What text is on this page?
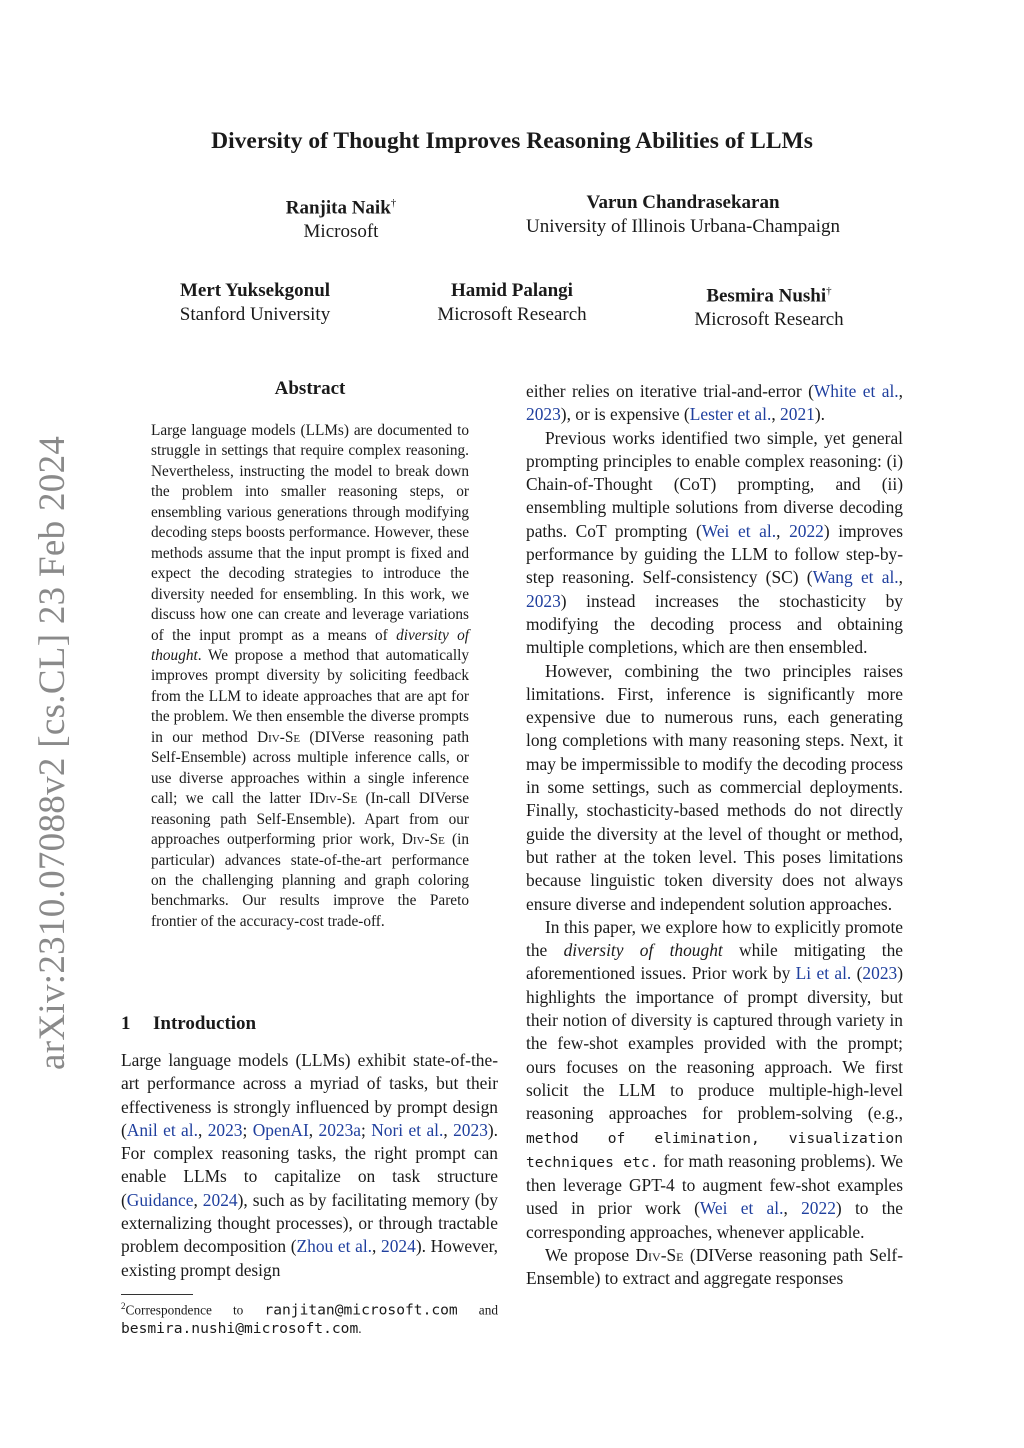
Diversity of Thought Improves Reasoning Abilities of LLMs
Ranjita Naik†
Microsoft
Varun Chandrasekaran
University of Illinois Urbana-Champaign
Mert Yuksekgonul
Stanford University
Hamid Palangi
Microsoft Research
Besmira Nushi†
Microsoft Research
arXiv:2310.07088v2 [cs.CL] 23 Feb 2024
Abstract
Large language models (LLMs) are documented to struggle in settings that require complex reasoning. Nevertheless, instructing the model to break down the problem into smaller reasoning steps, or ensembling various generations through modifying decoding steps boosts performance. However, these methods assume that the input prompt is fixed and expect the decoding strategies to introduce the diversity needed for ensembling. In this work, we discuss how one can create and leverage variations of the input prompt as a means of diversity of thought. We propose a method that automatically improves prompt diversity by soliciting feedback from the LLM to ideate approaches that are apt for the problem. We then ensemble the diverse prompts in our method Div-Se (DIVerse reasoning path Self-Ensemble) across multiple inference calls, or use diverse approaches within a single inference call; we call the latter IDiv-Se (In-call DIVerse reasoning path Self-Ensemble). Apart from our approaches outperforming prior work, Div-Se (in particular) advances state-of-the-art performance on the challenging planning and graph coloring benchmarks. Our results improve the Pareto frontier of the accuracy-cost trade-off.
1 Introduction
Large language models (LLMs) exhibit state-of-the-art performance across a myriad of tasks, but their effectiveness is strongly influenced by prompt design (Anil et al., 2023; OpenAI, 2023a; Nori et al., 2023). For complex reasoning tasks, the right prompt can enable LLMs to capitalize on task structure (Guidance, 2024), such as by facilitating memory (by externalizing thought processes), or through tractable problem decomposition (Zhou et al., 2024). However, existing prompt design
$^2$Correspondence to ranjitan@microsoft.com and besmira.nushi@microsoft.com.

either relies on iterative trial-and-error (White et al., 2023), or is expensive (Lester et al., 2021).

Previous works identified two simple, yet general prompting principles to enable complex reasoning: (i) Chain-of-Thought (CoT) prompting, and (ii) ensembling multiple solutions from diverse decoding paths. CoT prompting (Wei et al., 2022) improves performance by guiding the LLM to follow step-by-step reasoning. Self-consistency (SC) (Wang et al., 2023) instead increases the stochasticity by modifying the decoding process and obtaining multiple completions, which are then ensembled.

However, combining the two principles raises limitations. First, inference is significantly more expensive due to numerous runs, each generating long completions with many reasoning steps. Next, it may be impermissible to modify the decoding process in some settings, such as commercial deployments. Finally, stochasticity-based methods do not directly guide the diversity at the level of thought or method, but rather at the token level. This poses limitations because linguistic token diversity does not always ensure diverse and independent solution approaches.

In this paper, we explore how to explicitly promote the diversity of thought while mitigating the aforementioned issues. Prior work by Li et al. (2023) highlights the importance of prompt diversity, but their notion of diversity is captured through variety in the few-shot examples provided with the prompt; ours focuses on the reasoning approach. We first solicit the LLM to produce multiple-high-level reasoning approaches for problem-solving (e.g., method of elimination, visualization techniques etc. for math reasoning problems). We then leverage GPT-4 to augment few-shot examples used in prior work (Wei et al., 2022) to the corresponding approaches, whenever applicable.

We propose Div-Se (DIVerse reasoning path Self-Ensemble) to extract and aggregate responses
